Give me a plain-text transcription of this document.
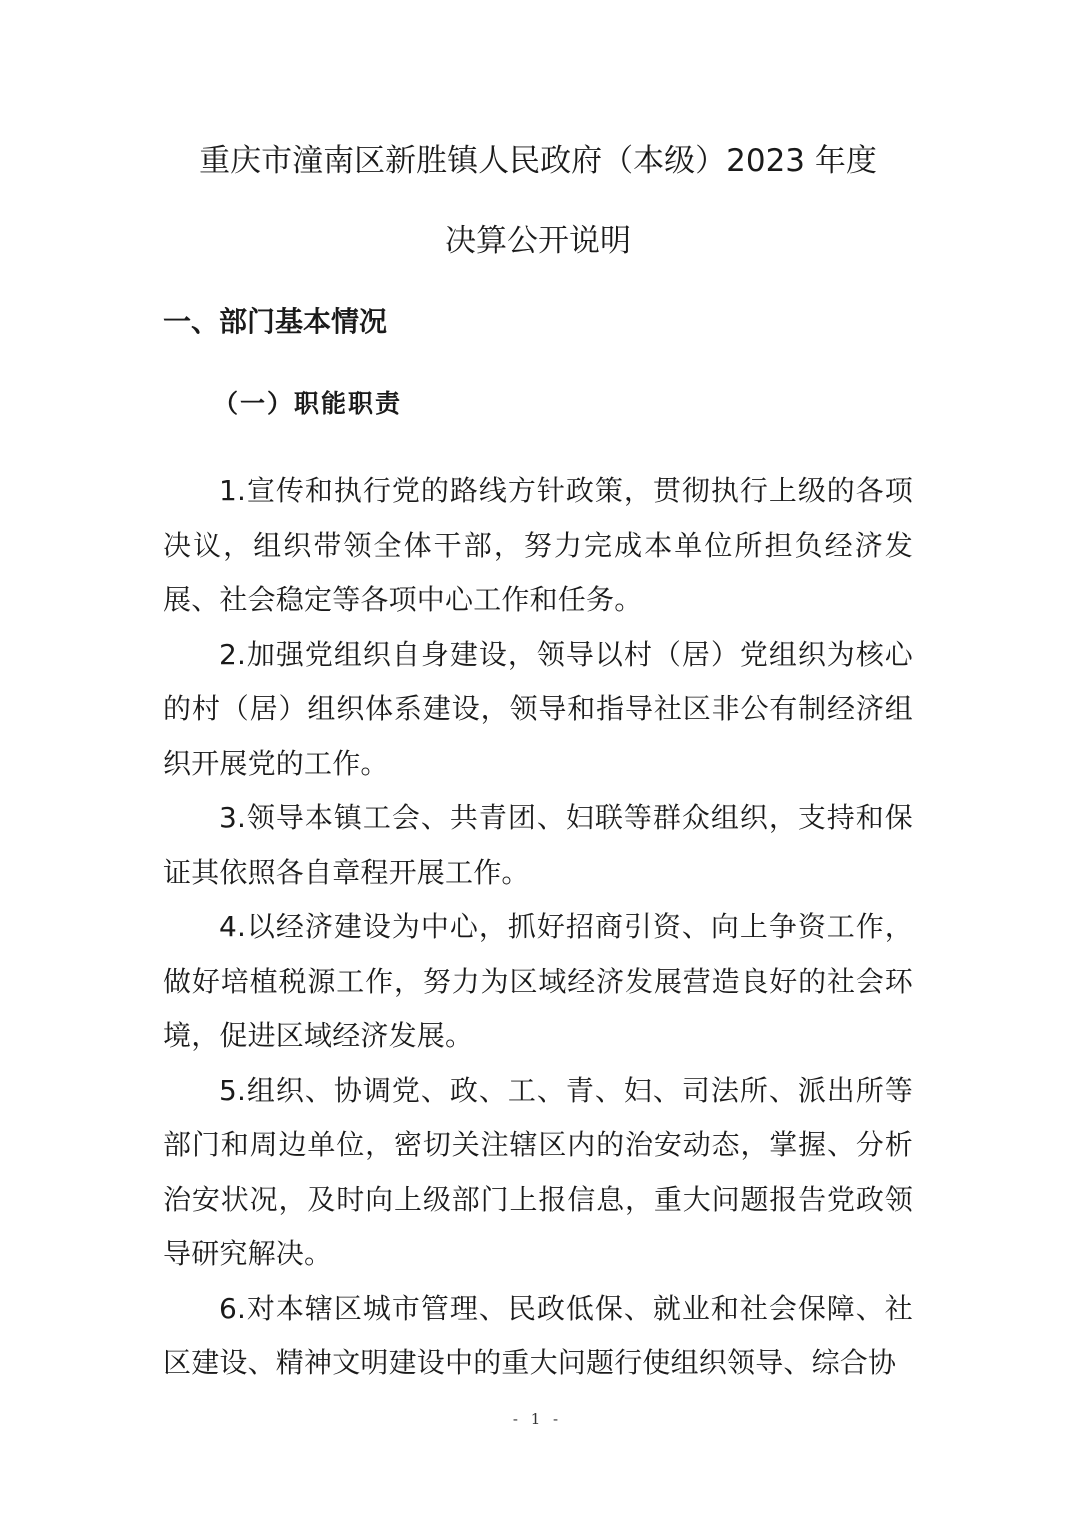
重庆市潼南区新胜镇人民政府（本级）2023 年度
决算公开说明
一、部门基本情况
（一）职能职责

1.宣传和执行党的路线方针政策，贯彻执行上级的各项决议，组织带领全体干部，努力完成本单位所担负经济发展、社会稳定等各项中心工作和任务。

2.加强党组织自身建设，领导以村（居）党组织为核心的村（居）组织体系建设，领导和指导社区非公有制经济组织开展党的工作。

3.领导本镇工会、共青团、妇联等群众组织，支持和保证其依照各自章程开展工作。

4.以经济建设为中心，抓好招商引资、向上争资工作，做好培植税源工作，努力为区域经济发展营造良好的社会环境，促进区域经济发展。

5.组织、协调党、政、工、青、妇、司法所、派出所等部门和周边单位，密切关注辖区内的治安动态，掌握、分析治安状况，及时向上级部门上报信息，重大问题报告党政领导研究解决。

6.对本辖区城市管理、民政低保、就业和社会保障、社区建设、精神文明建设中的重大问题行使组织领导、综合协

- 1 -
